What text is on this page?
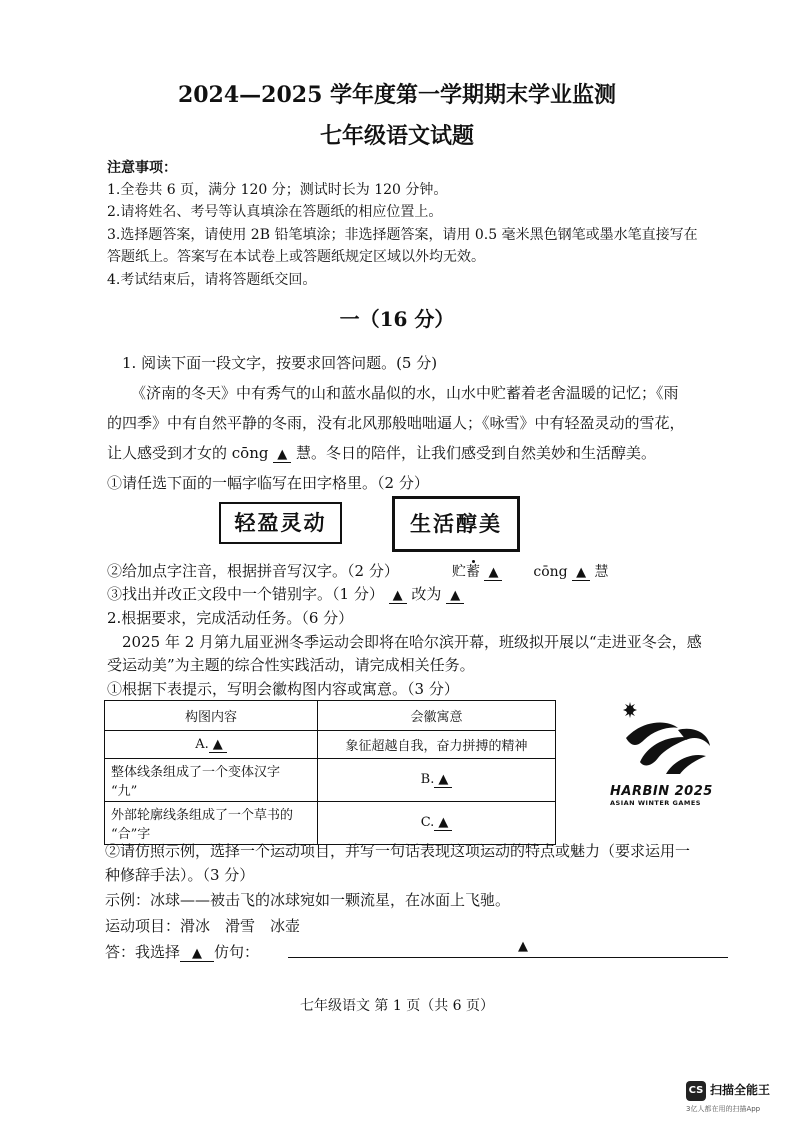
2024—2025 学年度第一学期期末学业监测
七年级语文试题
注意事项：
1.全卷共 6 页，满分 120 分；测试时长为 120 分钟。
2.请将姓名、考号等认真填涂在答题纸的相应位置上。
3.选择题答案，请使用 2B 铅笔填涂；非选择题答案，请用 0.5 毫米黑色钢笔或墨水笔直接写在
答题纸上。答案写在本试卷上或答题纸规定区域以外均无效。
4.考试结束后，请将答题纸交回。
一（16 分）
1. 阅读下面一段文字，按要求回答问题。(5 分)
《济南的冬天》中有秀气的山和蓝水晶似的水，山水中贮蓄着老舍温暖的记忆；《雨
的四季》中有自然平静的冬雨，没有北风那般咄咄逼人；《咏雪》中有轻盈灵动的雪花，
让人感受到才女的 cōng ▲ 慧。冬日的陪伴，让我们感受到自然美妙和生活醇美。
①请任选下面的一幅字临写在田字格里。（2 分）
轻盈灵动	生活醇美
②给加点字注音，根据拼音写汉字。（2 分）	贮蓄 ▲ cōng ▲ 慧
③找出并改正文段中一个错别字。（1 分） ▲ 改为 ▲
2.根据要求，完成活动任务。（6 分）
2025 年 2 月第九届亚洲冬季运动会即将在哈尔滨开幕，班级拟开展以“走进亚冬会，感
受运动美”为主题的综合性实践活动，请完成相关任务。
①根据下表提示，写明会徽构图内容或寓意。（3 分）
构图内容	会徽寓意
A. ▲	象征超越自我，奋力拼搏的精神

整体线条组成了一个变体汉字
“九”	B. ▲

外部轮廓线条组成了一个草书的
“合”字	C. ▲
HARBIN 2025
ASIAN WINTER GAMES
②请仿照示例，选择一个运动项目，并写一句话表现这项运动的特点或魅力（要求运用一
种修辞手法）。（3 分）
示例：冰球——被击飞的冰球宛如一颗流星，在冰面上飞驰。
运动项目：滑冰　滑雪　冰壶
答：我选择 ▲ 仿句：	▲
七年级语文 第 1 页（共 6 页）
CS 扫描全能王
3亿人都在用的扫描App
